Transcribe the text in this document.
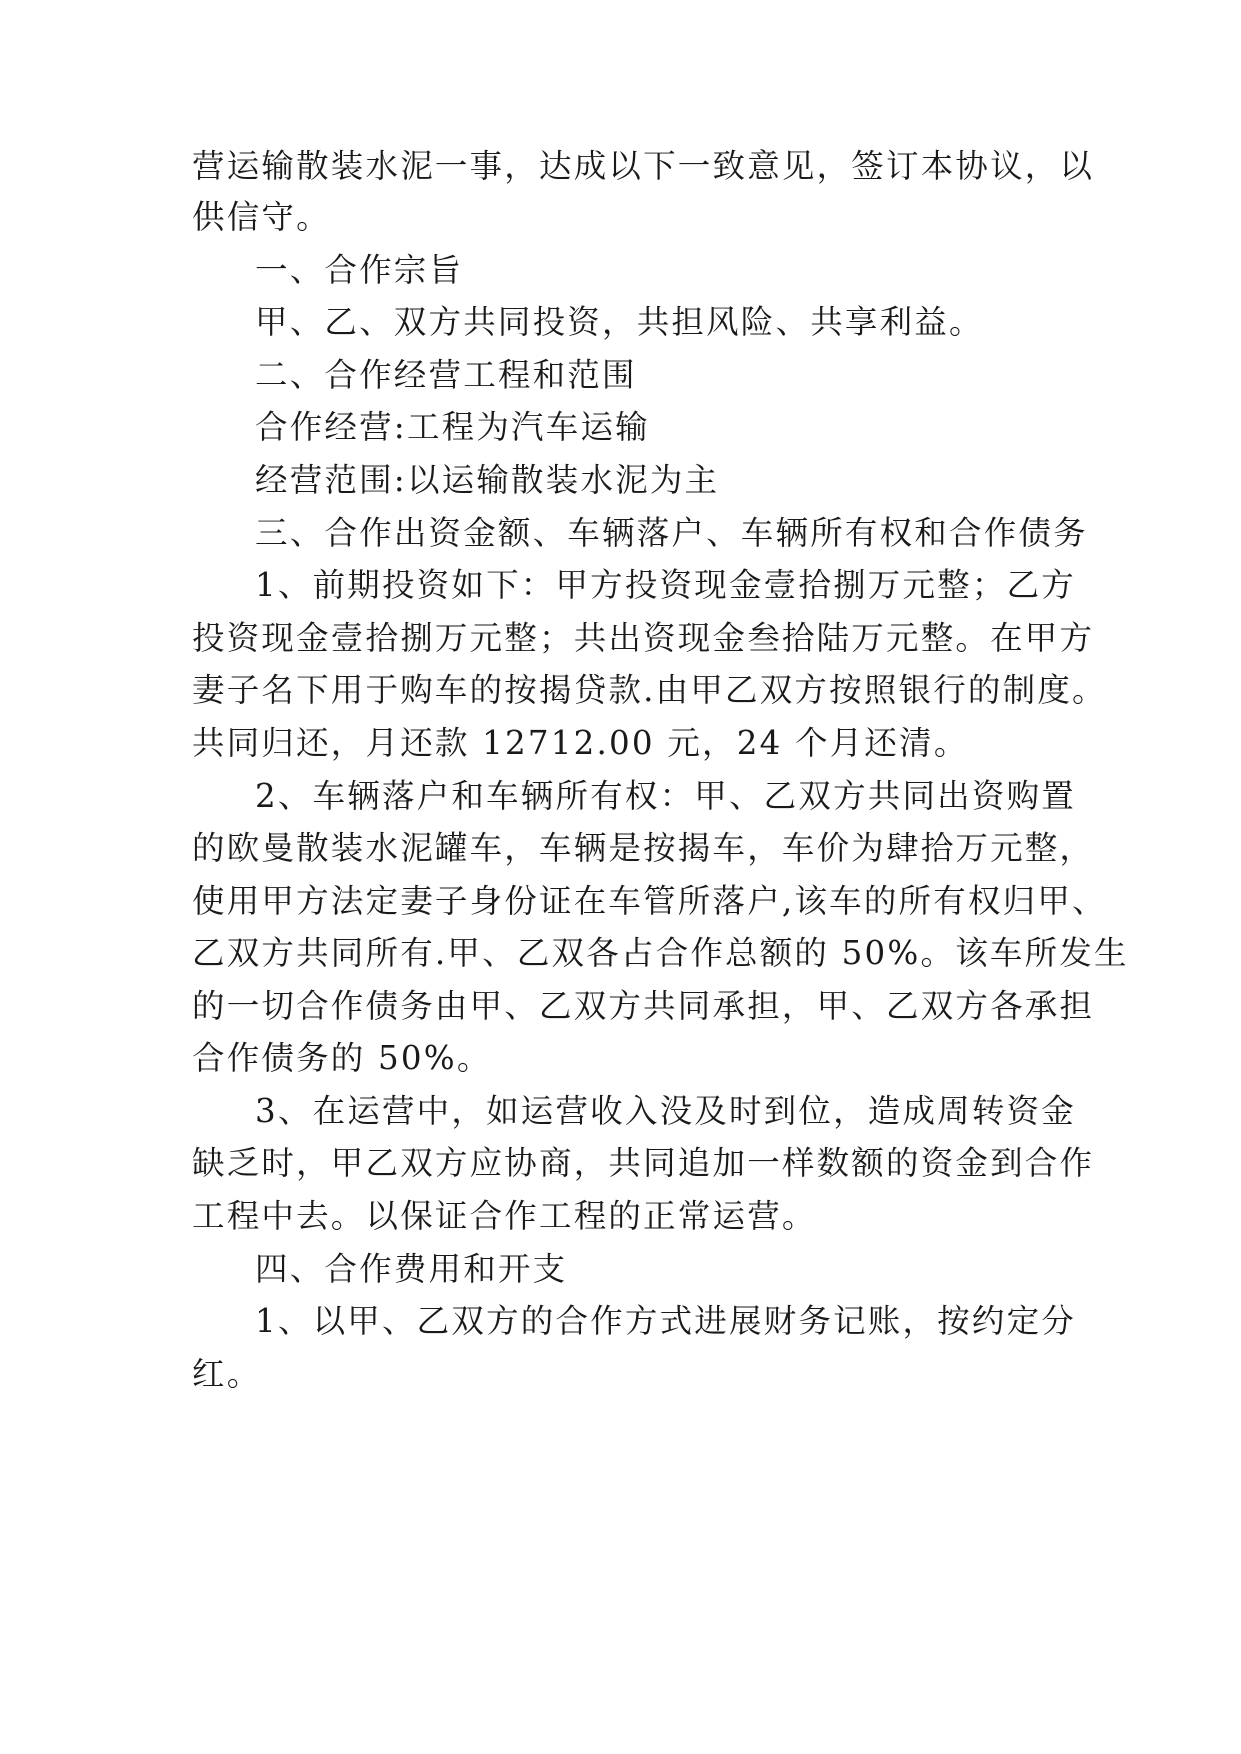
营运输散装水泥一事，达成以下一致意见，签订本协议，以
供信守。
一、合作宗旨
甲、乙、双方共同投资，共担风险、共享利益。
二、合作经营工程和范围
合作经营:工程为汽车运输
经营范围:以运输散装水泥为主
三、合作出资金额、车辆落户、车辆所有权和合作债务
1、前期投资如下：甲方投资现金壹拾捌万元整；乙方
投资现金壹拾捌万元整；共出资现金叁拾陆万元整。在甲方
妻子名下用于购车的按揭贷款.由甲乙双方按照银行的制度。
共同归还，月还款 12712.00 元，24 个月还清。
2、车辆落户和车辆所有权：甲、乙双方共同出资购置
的欧曼散装水泥罐车，车辆是按揭车，车价为肆拾万元整，
使用甲方法定妻子身份证在车管所落户,该车的所有权归甲、
乙双方共同所有.甲、乙双各占合作总额的 50%。该车所发生
的一切合作债务由甲、乙双方共同承担，甲、乙双方各承担
合作债务的 50%。
3、在运营中，如运营收入没及时到位，造成周转资金
缺乏时，甲乙双方应协商，共同追加一样数额的资金到合作
工程中去。以保证合作工程的正常运营。
四、合作费用和开支
1、以甲、乙双方的合作方式进展财务记账，按约定分
红。
